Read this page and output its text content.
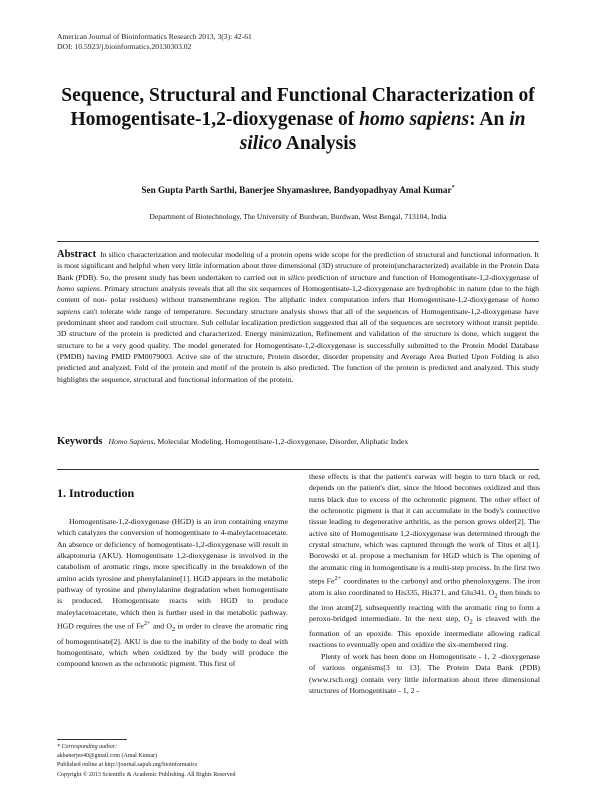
American Journal of Bioinformatics Research 2013, 3(3): 42-61
DOI: 10.5923/j.bioinformatics.20130303.02
Sequence, Structural and Functional Characterization of
Homogentisate-1,2-dioxygenase of homo sapiens: An in
silico Analysis
Sen Gupta Parth Sarthi, Banerjee Shyamashree, Bandyopadhyay Amal Kumar*
Department of Biotechnology, The University of Burdwan, Burdwan, West Bengal, 713104, India
Abstract In silico characterization and molecular modeling of a protein opens wide scope for the prediction of structural and functional information. It is most significant and helpful when very little information about three dimensional (3D) structure of protein(uncharacterized) available in the Protein Data Bank (PDB). So, the present study has been undertaken to carried out in silico prediction of structure and function of Homogentisate-1,2-dioxygenase of homo sapiens. Primary structure analysis reveals that all the six sequences of Homogentisate-1,2-dioxygenase are hydrophobic in nature (due to the high content of non- polar residues) without transmembrane region. The aliphatic index computation infers that Homogentisate-1,2-dioxygenase of homo sapiens can't tolerate wide range of temperature. Secondary structure analysis shows that all of the sequences of Homogentisate-1,2-dioxygenase have predominant sheet and random coil structure. Sub cellular localization prediction suggested that all of the sequences are secretory without transit peptide. 3D structure of the protein is predicted and characterized. Energy minimization, Refinement and validation of the structure is done, which suggest the structure to be a very good quality. The model generated for Homogentisate-1,2-dioxygenase is successfully submitted to the Protein Model Database (PMDB) having PMID PM0079003. Active site of the structure, Protein disorder, disorder propensity and Average Area Buried Upon Folding is also predicted and analyzed. Fold of the protein and motif of the protein is also predicted. The function of the protein is predicted and analyzed. This study highlights the sequence, structural and functional information of the protein.
Keywords Homo Sapiens, Molecular Modeling, Homogentisate-1,2-dioxygenase, Disorder, Aliphatic Index
1. Introduction

Homogentisate-1,2-dioxygenase (HGD) is an iron containing enzyme which catalyzes the conversion of homogentisate to 4-maleylacetoacetate. An absence or deficiency of homogentisate-1,2-dioxygenase will result in alkaptonuria (AKU). Homogentisate 1,2-dioxygenase is involved in the catabolism of aromatic rings, more specifically in the breakdown of the amino acids tyrosine and phenylalanine[1]. HGD appears in the metabolic pathway of tyrosine and phenylalanine degradation when homogentisate is produced. Homogentisate reacts with HGD to produce maleylacetoacetate, which then is further used in the metabolic pathway. HGD requires the use of $Fe^{2+}$ and $O_2$ in order to cleave the aromatic ring of homogentisate[2]. AKU is due to the inability of the body to deal with homogentisate, which when oxidized by the body will produce the compound known as the ochronotic pigment. This first of

these effects is that the patient's earwax will begin to turn black or red, depends on the patient's diet, since the blood becomes oxidized and thus turns black due to excess of the ochronotic pigment. The other effect of the ochronotic pigment is that it can accumulate in the body's connective tissue leading to degenerative arthritis, as the person grows older[2]. The active site of Homogentisate 1,2-dioxygenase was determined through the crystal structure, which was captured through the work of Titus et al[1]. Borowski et al. propose a mechanism for HGD which is The opening of the aromatic ring in homogentisate is a multi-step process. In the first two steps $Fe^{2+}$ coordinates to the carbonyl and ortho phenoloxygens. The iron atom is also coordinated to His335, His371, and Glu341. $O_2$ then binds to the iron atom[2], subsequently reacting with the aromatic ring to form a peroxo-bridged intermediate. In the next step, $O_2$ is cleaved with the formation of an epoxide. This epoxide intermediate allowing radical reactions to eventually open and oxidize the six-membered ring.

Plenty of work has been done on Homogentisate - 1, 2 -dioxygenase of various organisms[3 to 13]. The Protein Data Bank (PDB) (www.rscb.org) contain very little information about three dimensional structures of Homogentisate - 1, 2 -

* Corresponding author:
akbanerjee40@gmail.com (Amal Kumar)
Published online at http://journal.sapub.org/bioinformatics
Copyright © 2013 Scientific & Academic Publishing. All Rights Reserved
